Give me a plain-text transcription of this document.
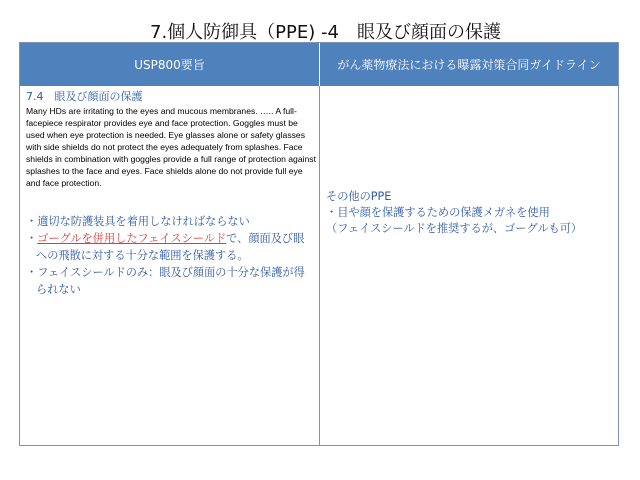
7.個人防御具（PPE) -4　眼及び顔面の保護
USP800要旨	がん薬物療法における曝露対策合同ガイドライン
7.4　眼及び顔面の保護
Many HDs are irritating to the eyes and mucous membranes. ….. A full-facepiece respirator provides eye and face protection. Goggles must be used when eye protection is needed. Eye glasses alone or safety glasses with side shields do not protect the eyes adequately from splashes. Face shields in combination with goggles provide a full range of protection against splashes to the face and eyes. Face shields alone do not provide full eye and face protection.
・適切な防護装具を着用しなければならない
・ゴーグルを併用したフェイスシールドで、顔面及び眼への飛散に対する十分な範囲を保護する。
・フェイスシールドのみ：眼及び顔面の十分な保護が得られない
その他のPPE
・目や顔を保護するための保護メガネを使用
（フェイスシールドを推奨するが、ゴーグルも可）
